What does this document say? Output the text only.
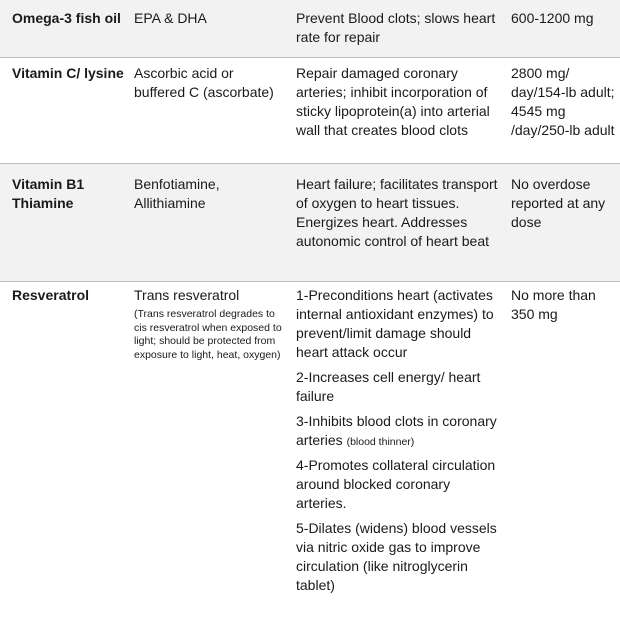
Omega-3 fish oil EPA & DHA	Prevent Blood clots; slows heart rate for repair
600-1200 mg
Vitamin C/ lysine Ascorbic acid or buffered C (ascorbate)
Repair damaged coronary arteries; inhibit incorporation of sticky lipoprotein(a) into arterial wall that creates blood clots
2800 mg/ day/154-lb adult; 4545 mg /day/250-lb adult
Vitamin B1 Thiamine
Benfotiamine, Allithiamine
Heart failure; facilitates transport of oxygen to heart tissues. Energizes heart. Addresses autonomic control of heart beat
No overdose reported at any dose
Resveratrol	Trans resveratrol
(Trans resveratrol degrades to cis resveratrol when exposed to light; should be protected from exposure to light, heat, oxygen)

1-Preconditions heart (activates internal antioxidant enzymes) to prevent/limit damage should heart attack occur

2-Increases cell energy/ heart failure

3-Inhibits blood clots in coronary arteries (blood thinner)

4-Promotes collateral circulation around blocked coronary arteries.

5-Dilates (widens) blood vessels via nitric oxide gas to improve circulation (like nitroglycerin tablet)

No more than 350 mg
